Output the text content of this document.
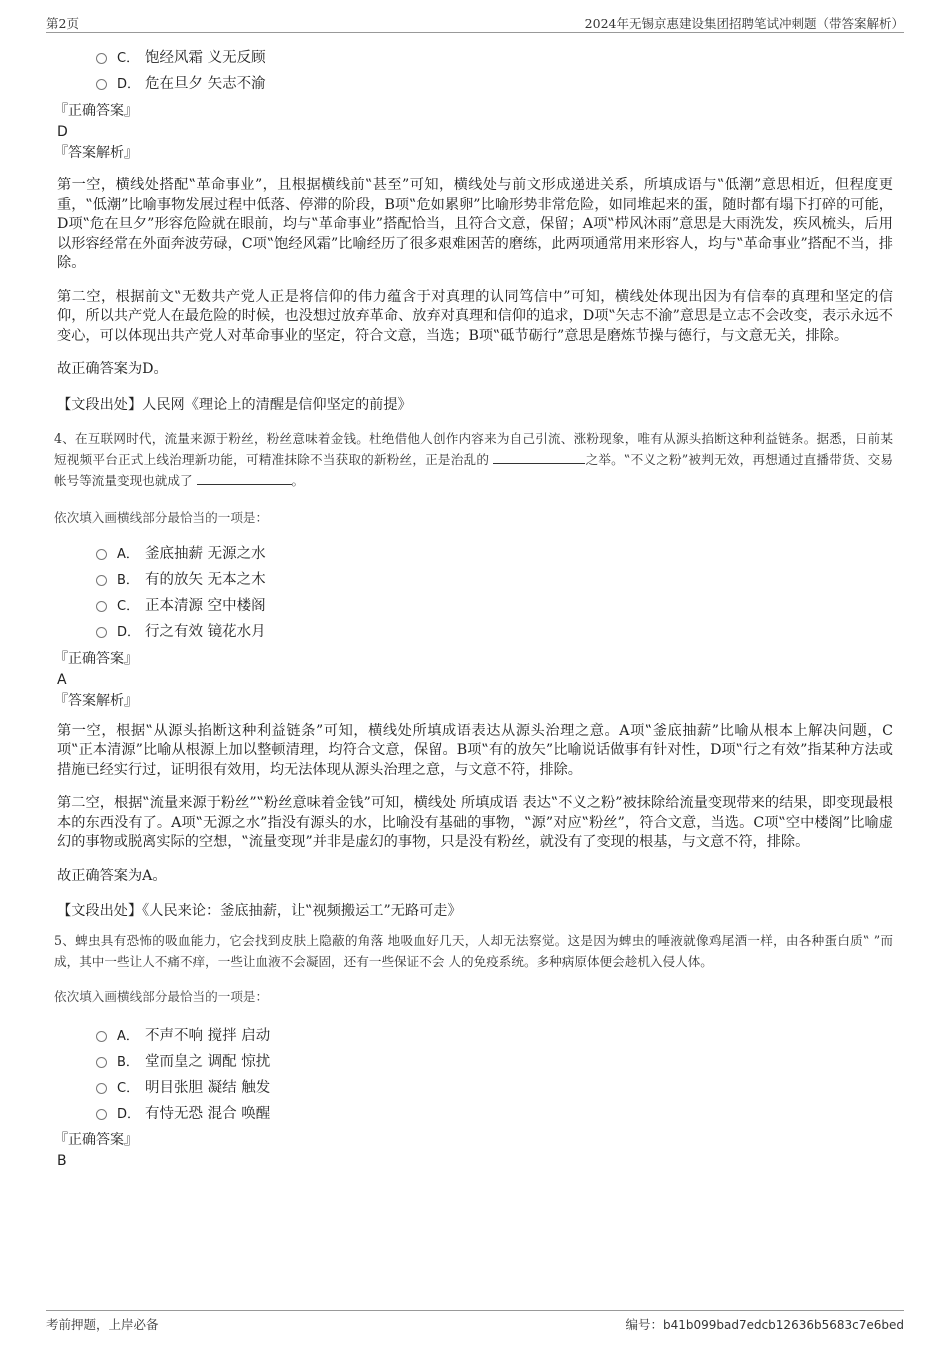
第2页	2024年无锡京惠建设集团招聘笔试冲刺题（带答案解析）
C． 饱经风霜 义无反顾
D． 危在旦夕 矢志不渝
『正确答案』
D
『答案解析』

第一空，横线处搭配‟革命事业”，且根据横线前‟甚至”可知，横线处与前文形成递进关系，所填成语与‟低潮”意思相近，但程度更重，‟低潮”比喻事物发展过程中低落、停滞的阶段，B项‟危如累卵”比喻形势非常危险，如同堆起来的蛋，随时都有塌下打碎的可能，D项‟危在旦夕”形容危险就在眼前，均与‟革命事业”搭配恰当，且符合文意，保留；A项‟栉风沐雨”意思是大雨洗发，疾风梳头，后用以形容经常在外面奔波劳碌，C项‟饱经风霜”比喻经历了很多艰难困苦的磨练，此两项通常用来形容人，均与‟革命事业”搭配不当，排除。

第二空，根据前文‟无数共产党人正是将信仰的伟力蕴含于对真理的认同笃信中”可知，横线处体现出因为有信奉的真理和坚定的信仰，所以共产党人在最危险的时候，也没想过放弃革命、放弃对真理和信仰的追求，D项‟矢志不渝”意思是立志不会改变，表示永远不变心，可以体现出共产党人对革命事业的坚定，符合文意，当选；B项‟砥节砺行”意思是磨炼节操与德行，与文意无关，排除。

故正确答案为D。

【文段出处】人民网《理论上的清醒是信仰坚定的前提》

4、在互联网时代，流量来源于粉丝，粉丝意味着金钱。杜绝借他人创作内容来为自己引流、涨粉现象，唯有从源头掐断这种利益链条。据悉，日前某短视频平台正式上线治理新功能，可精准抹除不当获取的新粉丝，正是治乱的	之举。‟不义之粉”被判无效，再想通过直播带货、交易帐号等流量变现也就成了	。

依次填入画横线部分最恰当的一项是：

A． 釜底抽薪 无源之水
B． 有的放矢 无本之木
C． 正本清源 空中楼阁
D． 行之有效 镜花水月
『正确答案』
A
『答案解析』

第一空，根据‟从源头掐断这种利益链条”可知，横线处所填成语表达从源头治理之意。A项‟釜底抽薪”比喻从根本上解决问题，C项‟正本清源”比喻从根源上加以整顿清理，均符合文意，保留。B项‟有的放矢”比喻说话做事有针对性，D项‟行之有效”指某种方法或措施已经实行过，证明很有效用，均无法体现从源头治理之意，与文意不符，排除。

第二空，根据‟流量来源于粉丝”‟粉丝意味着金钱”可知，横线处 所填成语 表达‟不义之粉”被抹除给流量变现带来的结果，即变现最根本的东西没有了。A项‟无源之水”指没有源头的水，比喻没有基础的事物，‟源”对应‟粉丝”，符合文意，当选。C项‟空中楼阁”比喻虚幻的事物或脱离实际的空想，‟流量变现”并非是虚幻的事物，只是没有粉丝，就没有了变现的根基，与文意不符，排除。

故正确答案为A。

【文段出处】《人民来论：釜底抽薪，让‟视频搬运工”无路可走》

5、蜱虫具有恐怖的吸血能力，它会找到皮肤上隐蔽的角落 地吸血好几天，人却无法察觉。这是因为蜱虫的唾液就像鸡尾酒一样，由各种蛋白质‟ ”而成，其中一些让人不痛不痒，一些让血液不会凝固，还有一些保证不会 人的免疫系统。多种病原体便会趁机入侵人体。

依次填入画横线部分最恰当的一项是：

A． 不声不响 搅拌 启动
B． 堂而皇之 调配 惊扰
C． 明目张胆 凝结 触发
D． 有恃无恐 混合 唤醒
『正确答案』
B
考前押题，上岸必备	编号：b41b099bad7edcb12636b5683c7e6bed
